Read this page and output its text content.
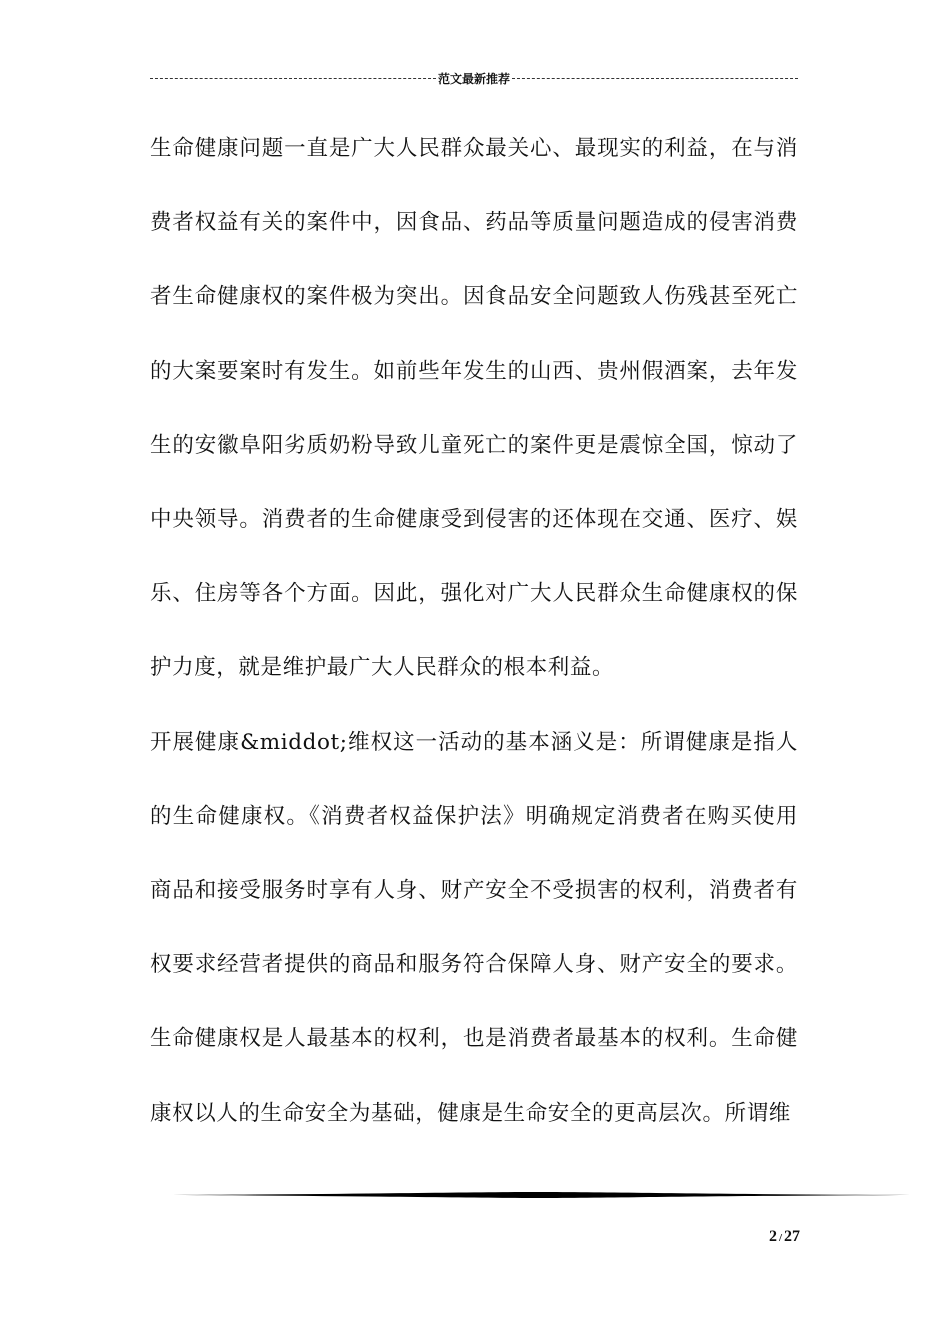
范文最新推荐

生命健康问题一直是广大人民群众最关心、最现实的利益，在与消费者权益有关的案件中，因食品、药品等质量问题造成的侵害消费者生命健康权的案件极为突出。因食品安全问题致人伤残甚至死亡的大案要案时有发生。如前些年发生的山西、贵州假酒案，去年发生的安徽阜阳劣质奶粉导致儿童死亡的案件更是震惊全国，惊动了中央领导。消费者的生命健康受到侵害的还体现在交通、医疗、娱乐、住房等各个方面。因此，强化对广大人民群众生命健康权的保护力度，就是维护最广大人民群众的根本利益。

开展健康&middot;维权这一活动的基本涵义是：所谓健康是指人的生命健康权。《消费者权益保护法》明确规定消费者在购买使用商品和接受服务时享有人身、财产安全不受损害的权利，消费者有权要求经营者提供的商品和服务符合保障人身、财产安全的要求。生命健康权是人最基本的权利，也是消费者最基本的权利。生命健康权以人的生命安全为基础，健康是生命安全的更高层次。所谓维

2 / 27
